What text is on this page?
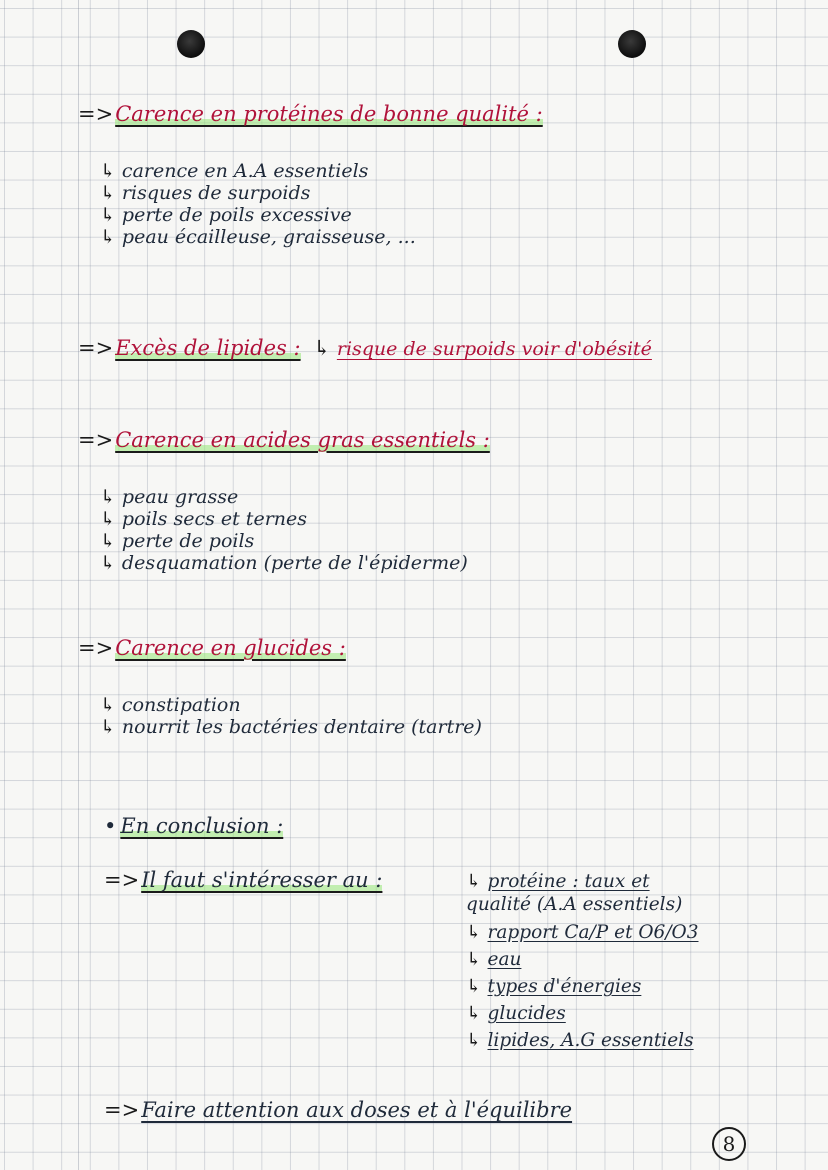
=>Carence en protéines de bonne qualité :
↳ carence en A.A essentiels
↳ risques de surpoids
↳ perte de poils excessive
↳ peau écailleuse, graisseuse, ...
=>Excès de lipides : ↳ risque de surpoids voir d'obésité
=>Carence en acides gras essentiels :
↳ peau grasse
↳ poils secs et ternes
↳ perte de poils
↳ desquamation (perte de l'épiderme)
=>Carence en glucides :
↳ constipation
↳ nourrit les bactéries dentaire (tartre)
• En conclusion :
=>Il faut s'intéresser au :	↳ protéine : taux et
qualité (A.A essentiels)
↳ rapport Ca/P et O6/O3
↳ eau
↳ types d'énergies
↳ glucides
↳ lipides, A.G essentiels
=>Faire attention aux doses et à l'équilibre
8
